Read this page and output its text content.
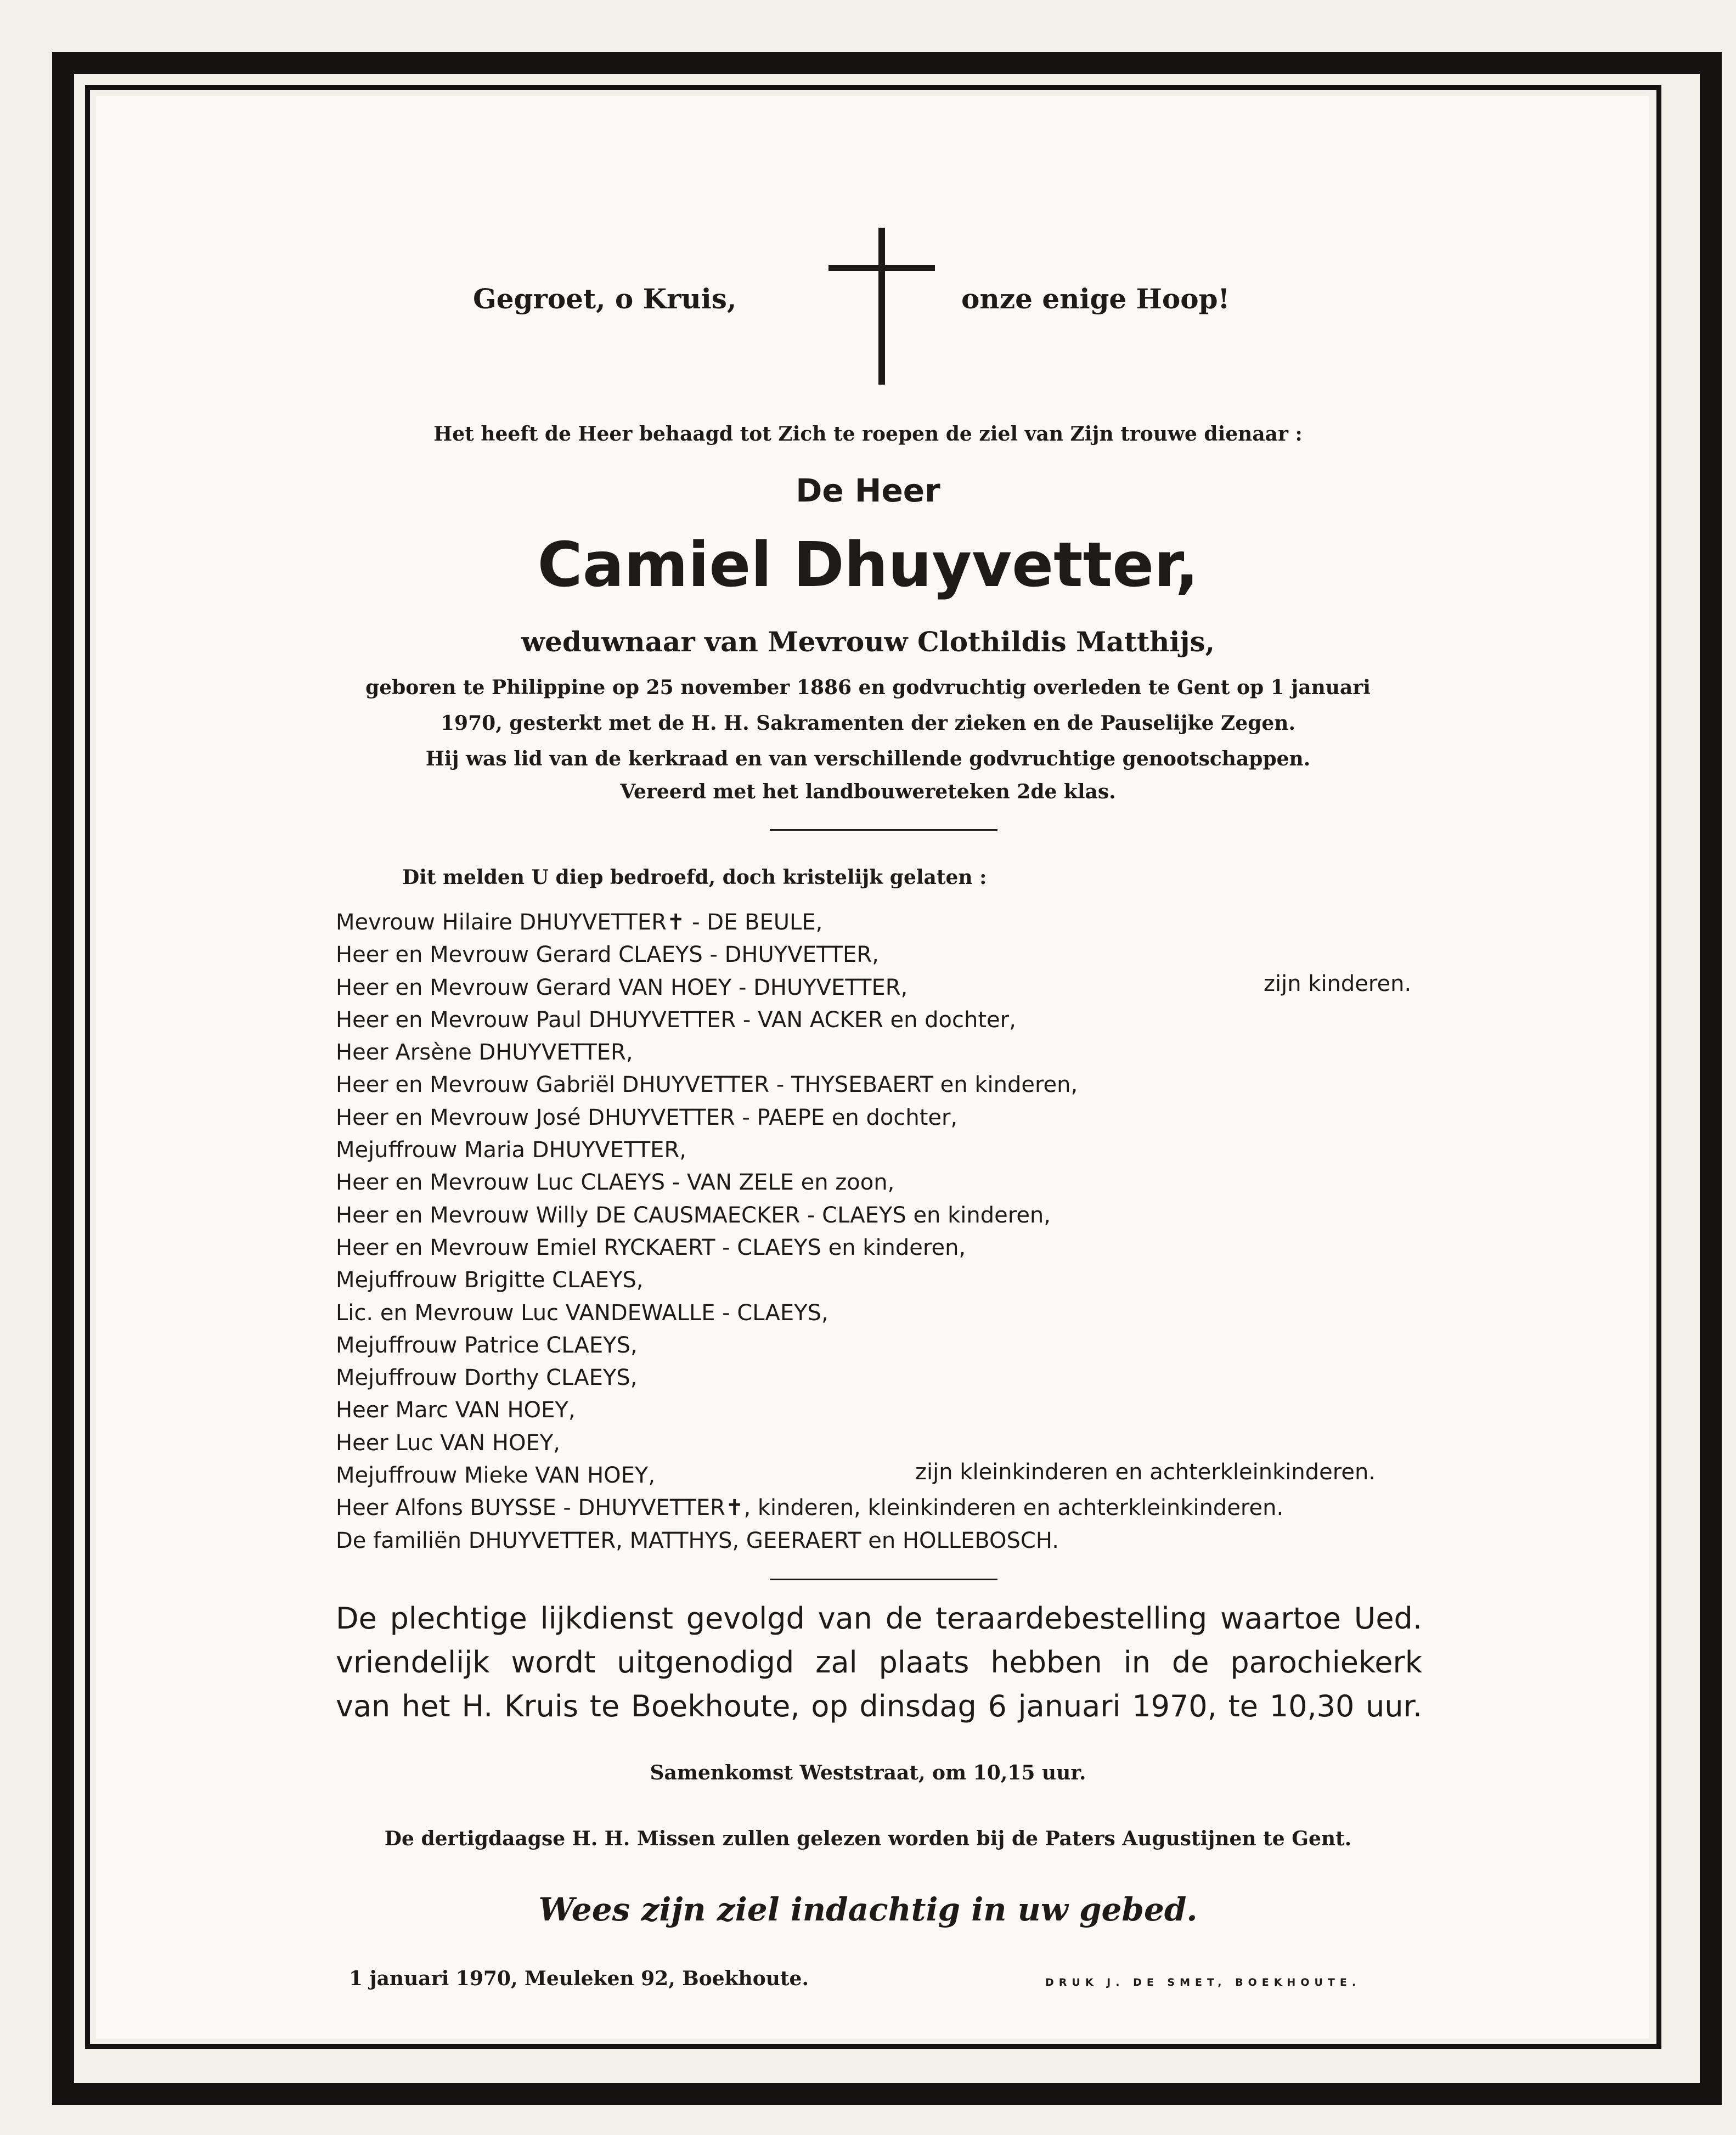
Gegroet, o Kruis,	onze enige Hoop!
Het heeft de Heer behaagd tot Zich te roepen de ziel van Zijn trouwe dienaar :
De Heer
Camiel Dhuyvetter,
weduwnaar van Mevrouw Clothildis Matthijs,
geboren te Philippine op 25 november 1886 en godvruchtig overleden te Gent op 1 januari
1970, gesterkt met de H. H. Sakramenten der zieken en de Pauselijke Zegen.
Hij was lid van de kerkraad en van verschillende godvruchtige genootschappen.
Vereerd met het landbouwereteken 2de klas.
Dit melden U diep bedroefd, doch kristelijk gelaten :
Mevrouw Hilaire DHUYVETTER✝ - DE BEULE,
Heer en Mevrouw Gerard CLAEYS - DHUYVETTER,
Heer en Mevrouw Gerard VAN HOEY - DHUYVETTER,
Heer en Mevrouw Paul DHUYVETTER - VAN ACKER en dochter,
Heer Arsène DHUYVETTER,
Heer en Mevrouw Gabriël DHUYVETTER - THYSEBAERT en kinderen,
Heer en Mevrouw José DHUYVETTER - PAEPE en dochter,
Mejuffrouw Maria DHUYVETTER,
Heer en Mevrouw Luc CLAEYS - VAN ZELE en zoon,
Heer en Mevrouw Willy DE CAUSMAECKER - CLAEYS en kinderen,
Heer en Mevrouw Emiel RYCKAERT - CLAEYS en kinderen,
Mejuffrouw Brigitte CLAEYS,
Lic. en Mevrouw Luc VANDEWALLE - CLAEYS,
Mejuffrouw Patrice CLAEYS,
Mejuffrouw Dorthy CLAEYS,
Heer Marc VAN HOEY,
Heer Luc VAN HOEY,
Mejuffrouw Mieke VAN HOEY,
Heer Alfons BUYSSE - DHUYVETTER✝, kinderen, kleinkinderen en achterkleinkinderen.
De familiën DHUYVETTER, MATTHYS, GEERAERT en HOLLEBOSCH.
zijn kinderen.
zijn kleinkinderen en achterkleinkinderen.
De plechtige lijkdienst gevolgd van de teraardebestelling waartoe Ued.
vriendelijk wordt uitgenodigd zal plaats hebben in de parochiekerk
van het H. Kruis te Boekhoute, op dinsdag 6 januari 1970, te 10,30 uur.
Samenkomst Weststraat, om 10,15 uur.
De dertigdaagse H. H. Missen zullen gelezen worden bij de Paters Augustijnen te Gent.
Wees zijn ziel indachtig in uw gebed.
1 januari 1970, Meuleken 92, Boekhoute.	DRUK J. DE SMET, BOEKHOUTE.
